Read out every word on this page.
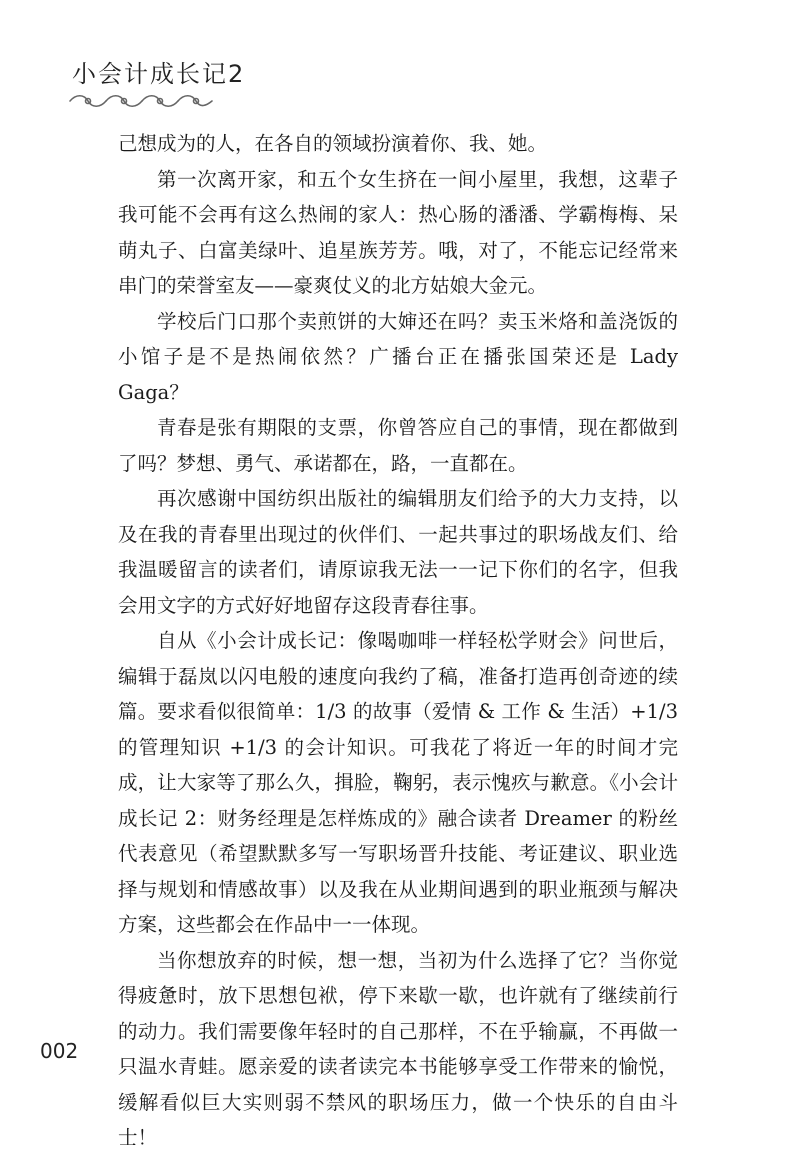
小会计成长记2

己想成为的人，在各自的领域扮演着你、我、她。

第一次离开家，和五个女生挤在一间小屋里，我想，这辈子我可能不会再有这么热闹的家人：热心肠的潘潘、学霸梅梅、呆萌丸子、白富美绿叶、追星族芳芳。哦，对了，不能忘记经常来串门的荣誉室友——豪爽仗义的北方姑娘大金元。

学校后门口那个卖煎饼的大婶还在吗？卖玉米烙和盖浇饭的小馆子是不是热闹依然？广播台正在播张国荣还是 Lady Gaga？

青春是张有期限的支票，你曾答应自己的事情，现在都做到了吗？梦想、勇气、承诺都在，路，一直都在。

再次感谢中国纺织出版社的编辑朋友们给予的大力支持，以及在我的青春里出现过的伙伴们、一起共事过的职场战友们、给我温暖留言的读者们，请原谅我无法一一记下你们的名字，但我会用文字的方式好好地留存这段青春往事。

自从《小会计成长记：像喝咖啡一样轻松学财会》问世后，编辑于磊岚以闪电般的速度向我约了稿，准备打造再创奇迹的续篇。要求看似很简单：1/3 的故事（爱情 & 工作 & 生活）+1/3 的管理知识 +1/3 的会计知识。可我花了将近一年的时间才完成，让大家等了那么久，揖脸，鞠躬，表示愧疚与歉意。《小会计成长记 2：财务经理是怎样炼成的》融合读者 Dreamer 的粉丝代表意见（希望默默多写一写职场晋升技能、考证建议、职业选择与规划和情感故事）以及我在从业期间遇到的职业瓶颈与解决方案，这些都会在作品中一一体现。

当你想放弃的时候，想一想，当初为什么选择了它？当你觉得疲惫时，放下思想包袱，停下来歇一歇，也许就有了继续前行的动力。我们需要像年轻时的自己那样，不在乎输赢，不再做一只温水青蛙。愿亲爱的读者读完本书能够享受工作带来的愉悦，缓解看似巨大实则弱不禁风的职场压力，做一个快乐的自由斗士！

002
